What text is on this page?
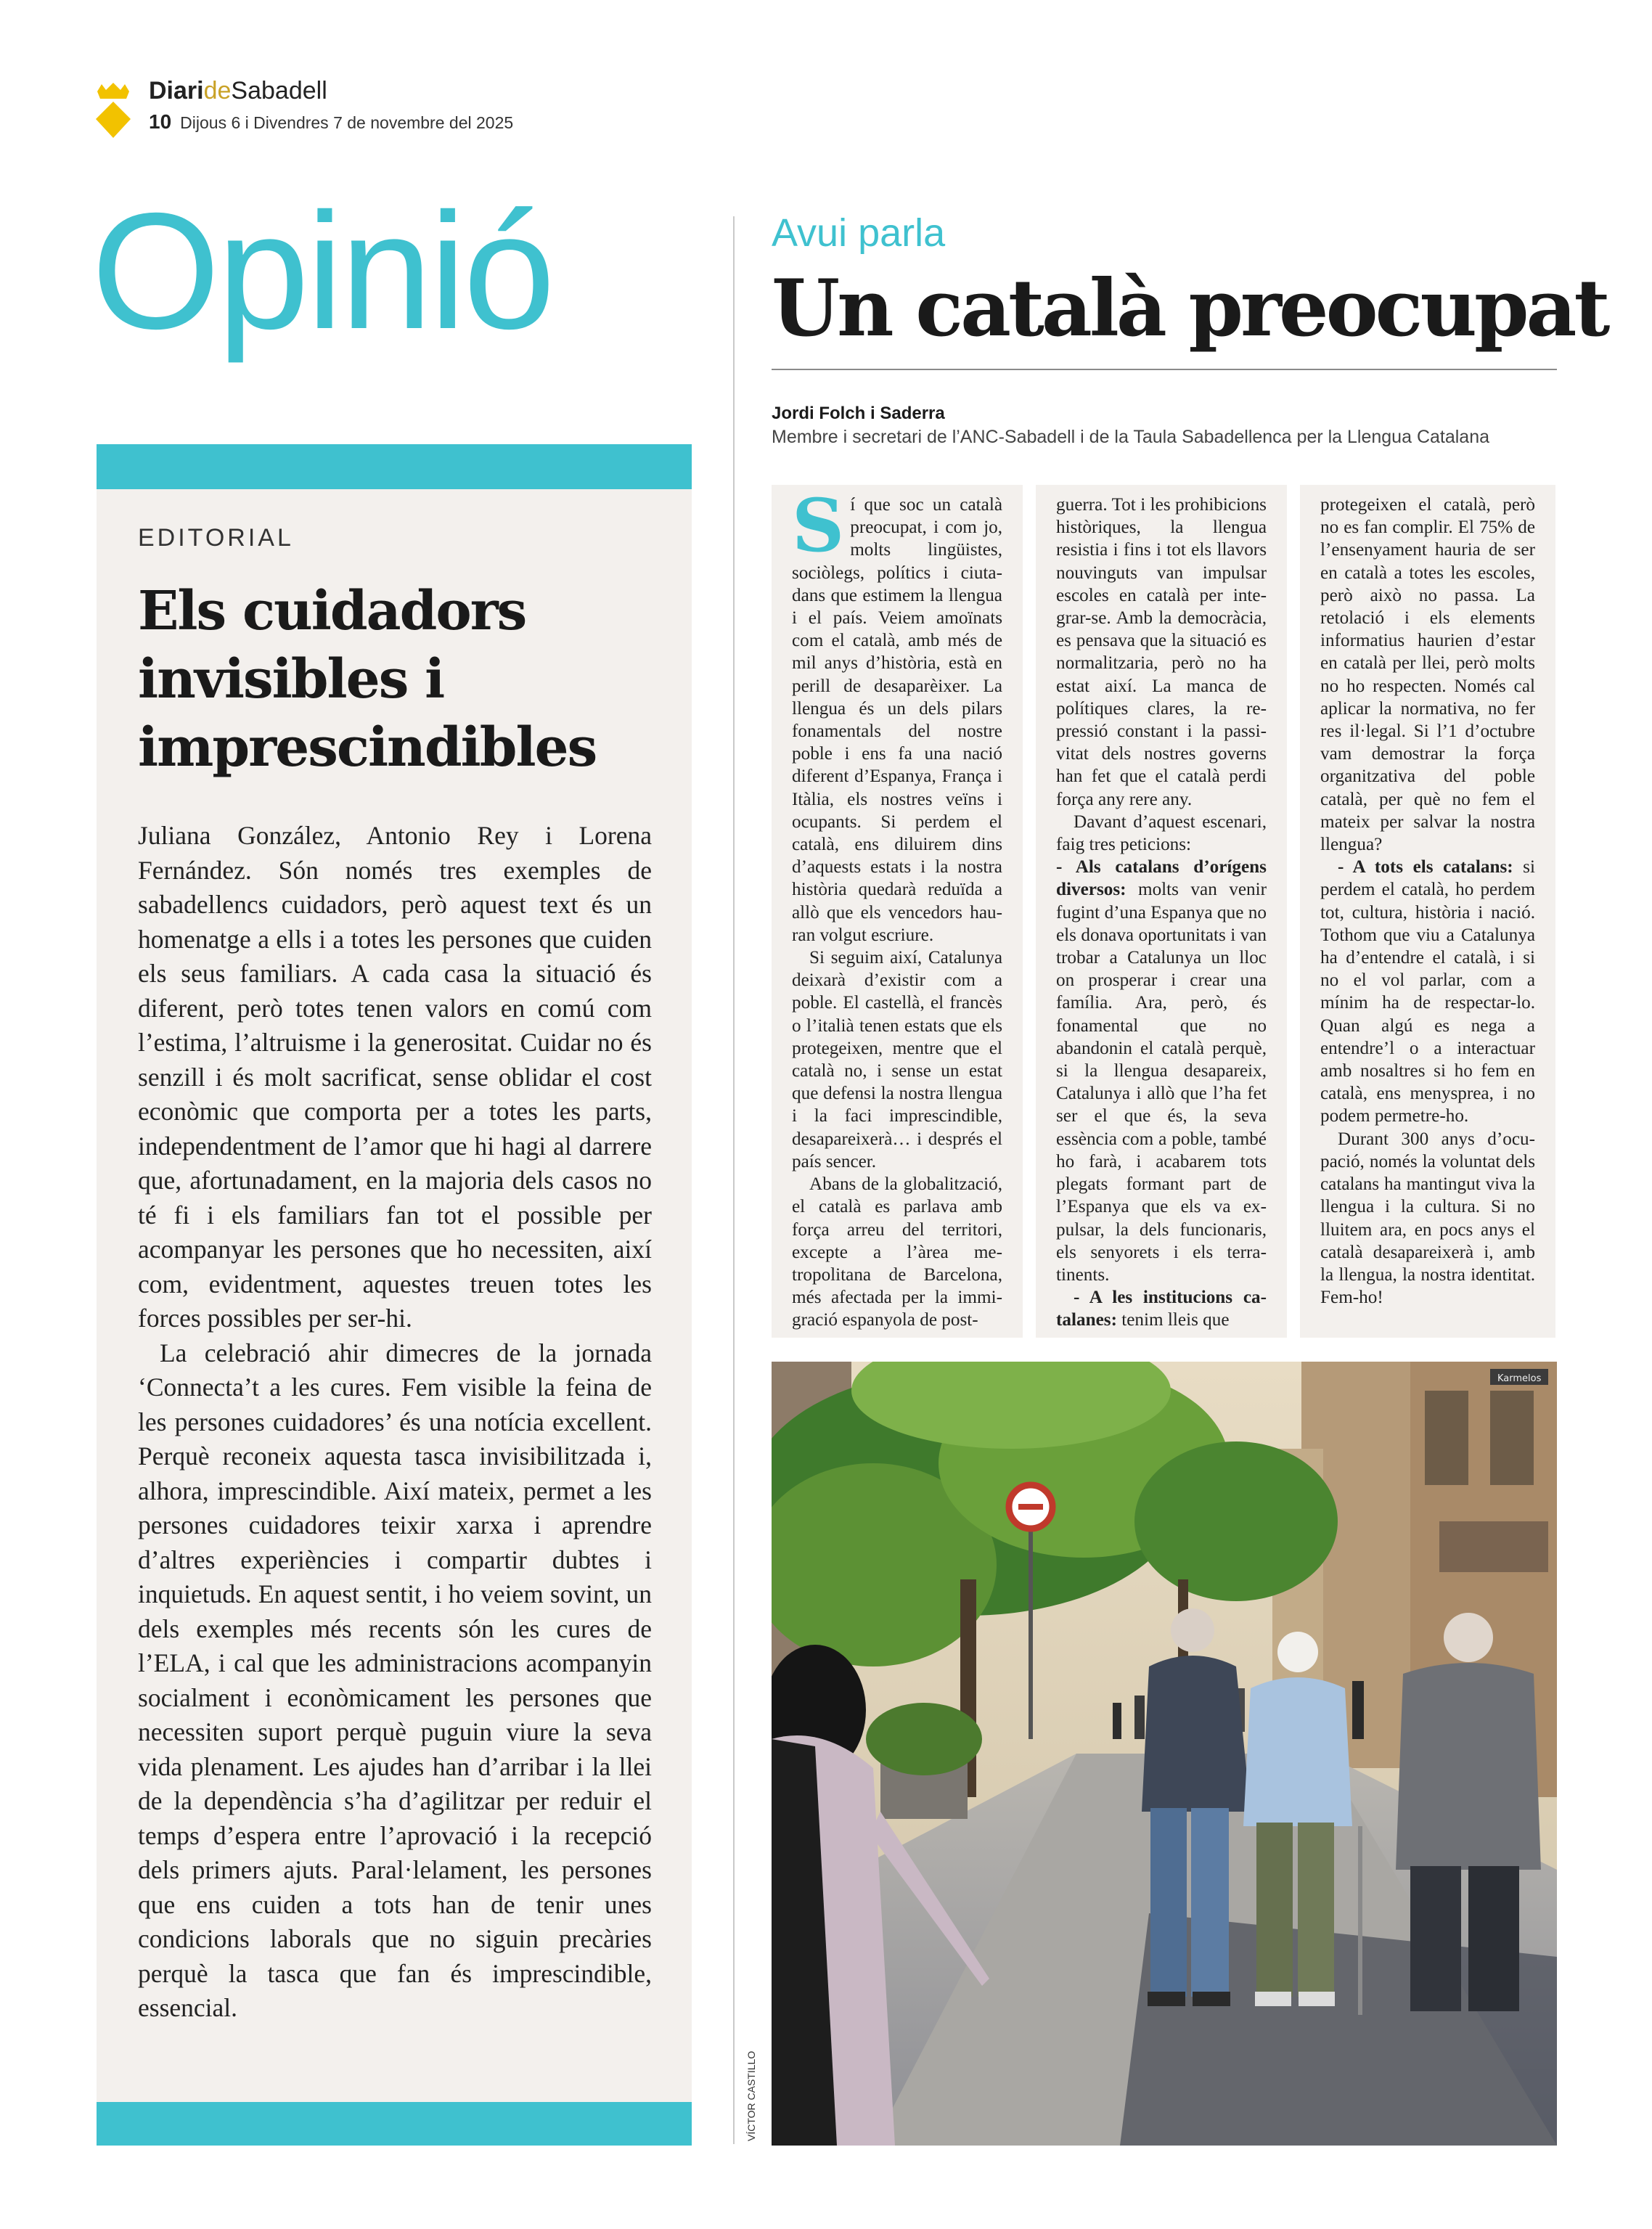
DiarideSabadell
10 Dijous 6 i Divendres 7 de novembre del 2025
Opinió
EDITORIAL
Els cuidadors invisibles i imprescindibles

Juliana González, Antonio Rey i Lorena Fernández. Són només tres exemples de sabadellencs cuidadors, però aquest text és un homenatge a ells i a totes les persones que cuiden els seus familiars. A cada casa la situació és diferent, però totes tenen valors en comú com l’estima, l’altruisme i la generositat. Cuidar no és senzill i és molt sacrificat, sense oblidar el cost econòmic que comporta per a totes les parts, independentment de l’amor que hi hagi al darrere que, afortunadament, en la majoria dels casos no té fi i els familiars fan tot el possible per acompanyar les persones que ho necessiten, així com, evidentment, aquestes treuen totes les forces possibles per ser-hi.

La celebració ahir dimecres de la jornada ‘Connecta’t a les cures. Fem visible la feina de les persones cuidadores’ és una notícia excellent. Perquè reconeix aquesta tasca invisibilitzada i, alhora, imprescindible. Així mateix, permet a les persones cuidadores teixir xarxa i aprendre d’altres experiències i compartir dubtes i inquietuds. En aquest sentit, i ho veiem sovint, un dels exemples més recents són les cures de l’ELA, i cal que les administracions acompanyin socialment i econòmicament les persones que necessiten suport perquè puguin viure la seva vida plenament. Les ajudes han d’arribar i la llei de la dependència s’ha d’agilitzar per reduir el temps d’espera entre l’aprovació i la recepció dels primers ajuts. Paral·lelament, les persones que ens cuiden a tots han de tenir unes condicions laborals que no siguin precàries perquè la tasca que fan és imprescindible, essencial.

Avui parla
Un català preocupat
Jordi Folch i Saderra
Membre i secretari de l’ANC-Sabadell i de la Taula Sabadellenca per la Llengua Catalana

Sí que soc un català preocupat, i com jo, molts lingüistes, sociòlegs, polítics i ciutadans que estimem la llengua i el país. Veiem amoïnats com el català, amb més de mil anys d’història, està en perill de desaparèixer. La llengua és un dels pilars fonamentals del nostre poble i ens fa una nació diferent d’Espanya, França i Itàlia, els nostres veïns i ocupants. Si perdem el català, ens diluirem dins d’aquests estats i la nostra història quedarà reduïda a allò que els vencedors hauran volgut escriure.

Si seguim així, Catalunya deixarà d’existir com a poble. El castellà, el francès o l’italià tenen estats que els protegeixen, mentre que el català no, i sense un estat que defensi la nostra llengua i la faci imprescindible, desapareixerà… i després el país sencer.

Abans de la globalització, el català es parlava amb força arreu del territori, excepte a l’àrea metropolitana de Barcelona, més afectada per la immigració espanyola de post-

guerra. Tot i les prohibicions històriques, la llengua resistia i fins i tot els llavors nouvinguts van impulsar escoles en català per integrar-se. Amb la democràcia, es pensava que la situació es normalitzaria, però no ha estat així. La manca de polítiques clares, la repressió constant i la passivitat dels nostres governs han fet que el català perdi força any rere any.

Davant d’aquest escenari, faig tres peticions:

- Als catalans d’orígens diversos: molts van venir fugint d’una Espanya que no els donava oportunitats i van trobar a Catalunya un lloc on prosperar i crear una família. Ara, però, és fonamental que no abandonin el català perquè, si la llengua desapareix, Catalunya i allò que l’ha fet ser el que és, la seva essència com a poble, també ho farà, i acabarem tots plegats formant part de l’Espanya que els va expulsar, la dels funcionaris, els senyorets i els terratinents.

- A les institucions catalanes: tenim lleis que

protegeixen el català, però no es fan complir. El 75% de l’ensenyament hauria de ser en català a totes les escoles, però això no passa. La retolació i els elements informatius haurien d’estar en català per llei, però molts no ho respecten. Només cal aplicar la normativa, no fer res il·legal. Si l’1 d’octubre vam demostrar la força organitzativa del poble català, per què no fem el mateix per salvar la nostra llengua?

- A tots els catalans: si perdem el català, ho perdem tot, cultura, història i nació. Tothom que viu a Catalunya ha d’entendre el català, i si no el vol parlar, com a mínim ha de respectar-lo. Quan algú es nega a entendre’l o a interactuar amb nosaltres si ho fem en català, ens menysprea, i no podem permetre-ho.

Durant 300 anys d’ocupació, només la voluntat dels catalans ha mantingut viva la llengua i la cultura. Si no lluitem ara, en pocs anys el català desapareixerà i, amb la llengua, la nostra identitat. Fem-ho!

Karmelos
VÍCTOR CASTILLO
